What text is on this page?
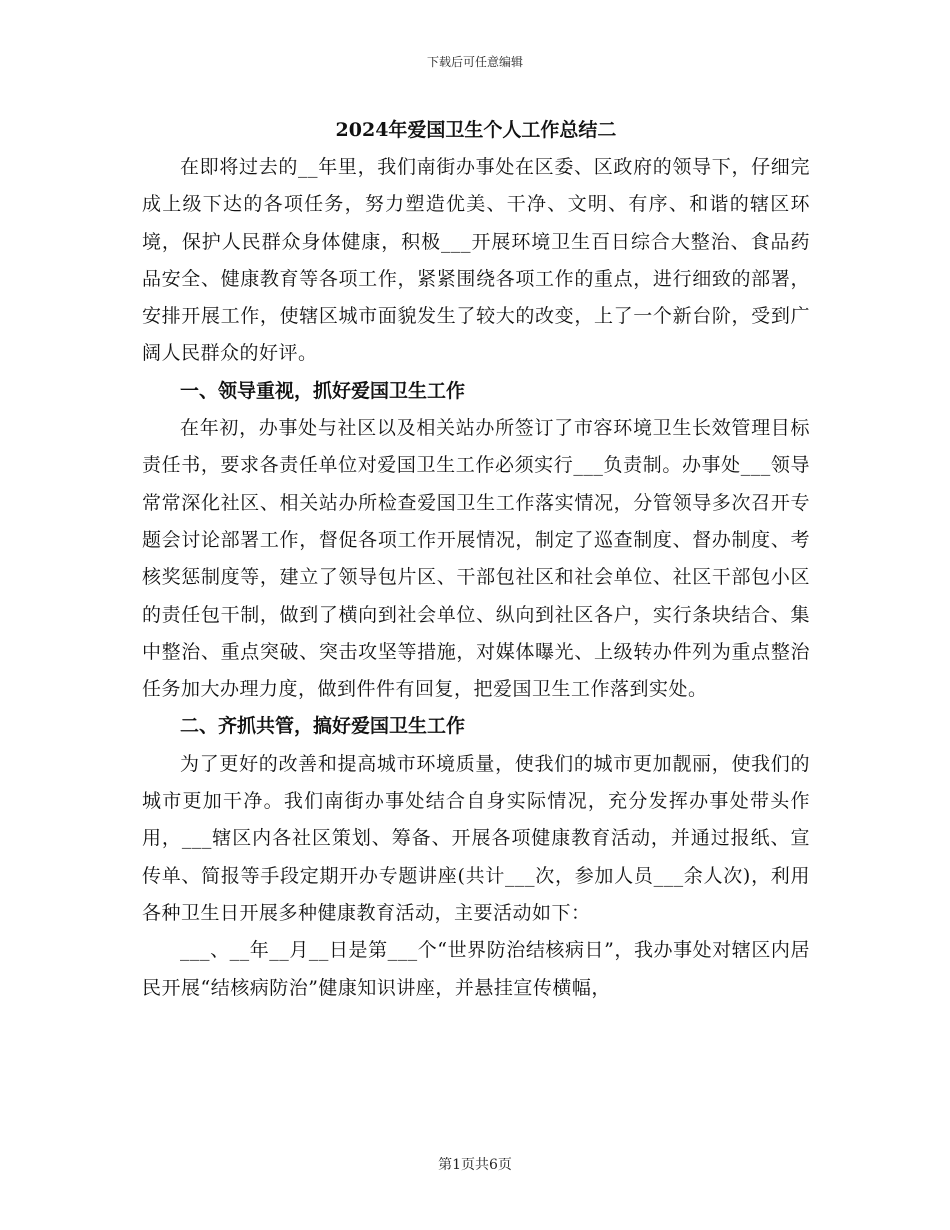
下载后可任意编辑
2024年爱国卫生个人工作总结二

在即将过去的__年里，我们南街办事处在区委、区政府的领导下，仔细完成上级下达的各项任务，努力塑造优美、干净、文明、有序、和谐的辖区环境，保护人民群众身体健康，积极___开展环境卫生百日综合大整治、食品药品安全、健康教育等各项工作，紧紧围绕各项工作的重点，进行细致的部署，安排开展工作，使辖区城市面貌发生了较大的改变，上了一个新台阶，受到广阔人民群众的好评。

一、领导重视，抓好爱国卫生工作

在年初，办事处与社区以及相关站办所签订了市容环境卫生长效管理目标责任书，要求各责任单位对爱国卫生工作必须实行___负责制。办事处___领导常常深化社区、相关站办所检查爱国卫生工作落实情况，分管领导多次召开专题会讨论部署工作，督促各项工作开展情况，制定了巡查制度、督办制度、考核奖惩制度等，建立了领导包片区、干部包社区和社会单位、社区干部包小区的责任包干制，做到了横向到社会单位、纵向到社区各户，实行条块结合、集中整治、重点突破、突击攻坚等措施，对媒体曝光、上级转办件列为重点整治任务加大办理力度，做到件件有回复，把爱国卫生工作落到实处。

二、齐抓共管，搞好爱国卫生工作

为了更好的改善和提高城市环境质量，使我们的城市更加靓丽，使我们的城市更加干净。我们南街办事处结合自身实际情况，充分发挥办事处带头作用，___辖区内各社区策划、筹备、开展各项健康教育活动，并通过报纸、宣传单、简报等手段定期开办专题讲座(共计___次，参加人员___余人次)，利用各种卫生日开展多种健康教育活动，主要活动如下：

___、__年__月__日是第___个“世界防治结核病日”，我办事处对辖区内居民开展“结核病防治”健康知识讲座，并悬挂宣传横幅，

第1页共6页
